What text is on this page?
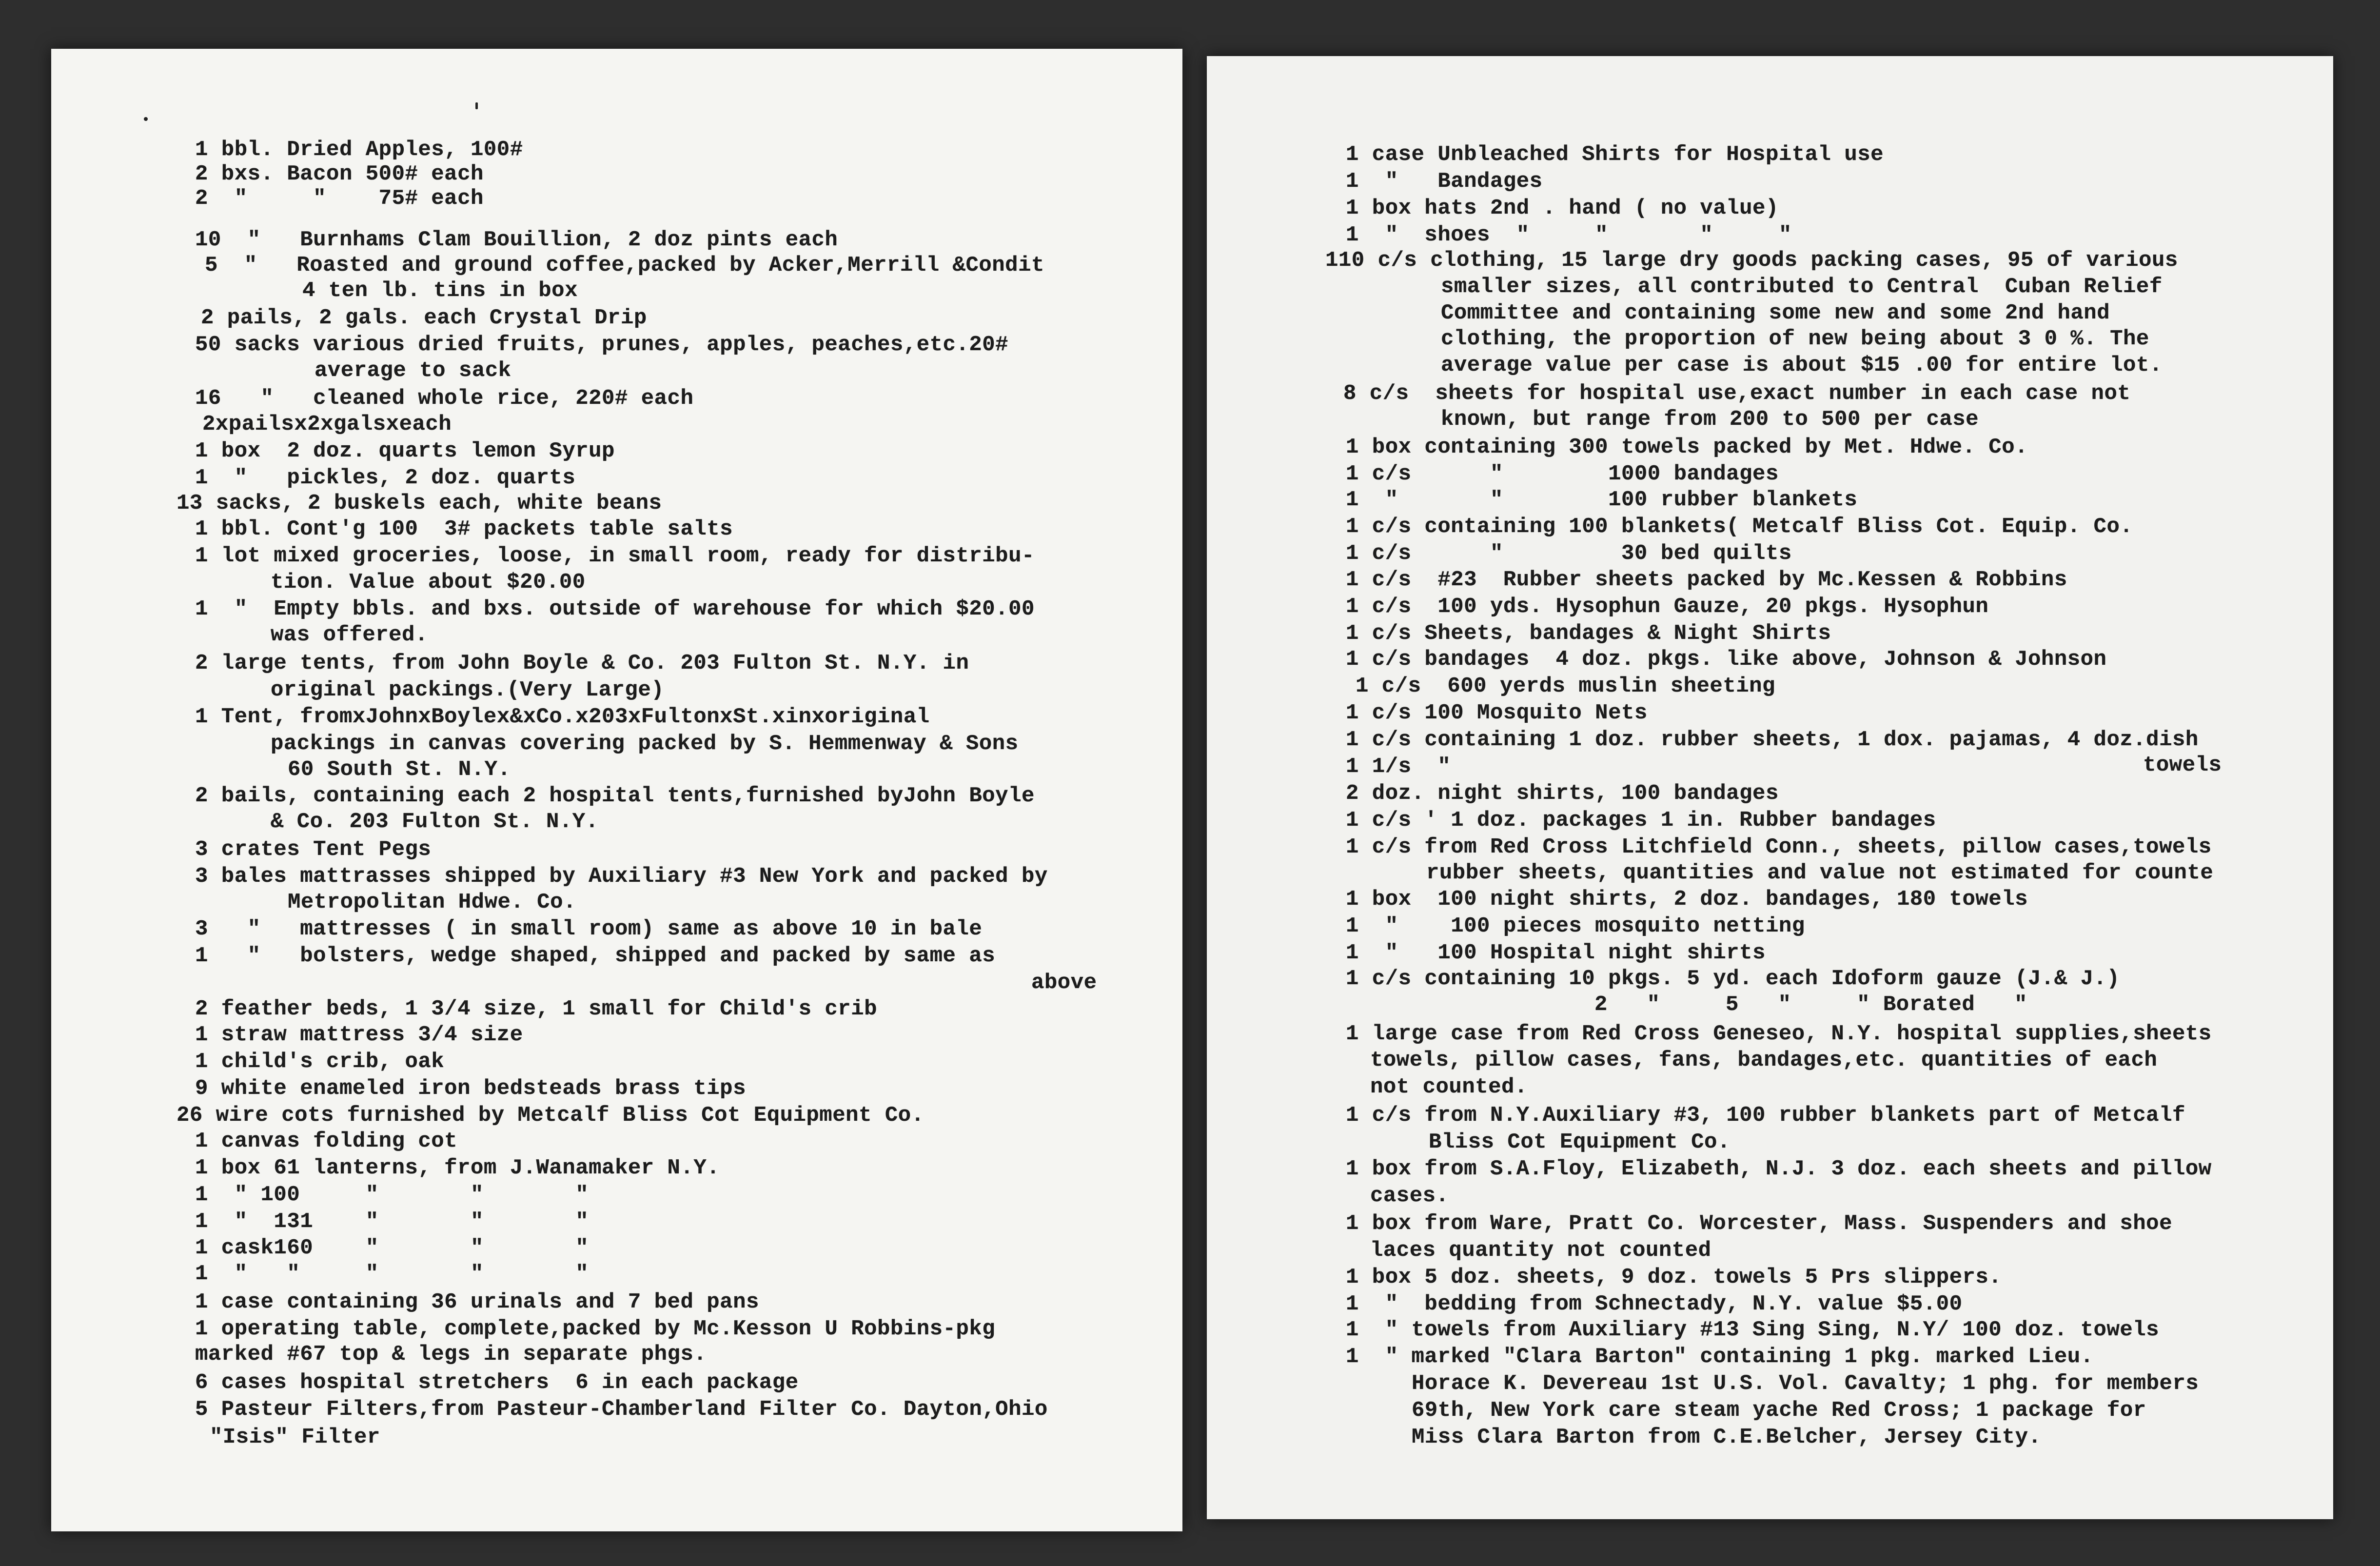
1 bbl. Dried Apples, 100#
2 bxs. Bacon 500# each
2  "     "    75# each
10  "   Burnhams Clam Bouillion, 2 doz pints each
5  "   Roasted and ground coffee,packed by Acker,Merrill &Condit
4 ten lb. tins in box
2 pails, 2 gals. each Crystal Drip
50 sacks various dried fruits, prunes, apples, peaches,etc.20#
average to sack
16   "   cleaned whole rice, 220# each
2xpailsx2xgalsxeach
1 box  2 doz. quarts lemon Syrup
1  "   pickles, 2 doz. quarts
13 sacks, 2 buskels each, white beans
1 bbl. Cont'g 100  3# packets table salts
1 lot mixed groceries, loose, in small room, ready for distribu-
tion. Value about $20.00
1  "  Empty bbls. and bxs. outside of warehouse for which $20.00
was offered.
2 large tents, from John Boyle & Co. 203 Fulton St. N.Y. in
original packings.(Very Large)
1 Tent, fromxJohnxBoylex&xCo.x203xFultonxSt.xinxoriginal
packings in canvas covering packed by S. Hemmenway & Sons
60 South St. N.Y.
2 bails, containing each 2 hospital tents,furnished byJohn Boyle
& Co. 203 Fulton St. N.Y.
3 crates Tent Pegs
3 bales mattrasses shipped by Auxiliary #3 New York and packed by
Metropolitan Hdwe. Co.
3   "   mattresses ( in small room) same as above 10 in bale
1   "   bolsters, wedge shaped, shipped and packed by same as
above
2 feather beds, 1 3/4 size, 1 small for Child's crib
1 straw mattress 3/4 size
1 child's crib, oak
9 white enameled iron bedsteads brass tips
26 wire cots furnished by Metcalf Bliss Cot Equipment Co.
1 canvas folding cot
1 box 61 lanterns, from J.Wanamaker N.Y.
1  " 100     "       "       "
1  "  131    "       "       "
1 cask160    "       "       "
1  "   "     "       "       "
1 case containing 36 urinals and 7 bed pans
1 operating table, complete,packed by Mc.Kesson U Robbins-pkg
marked #67 top & legs in separate phgs.
6 cases hospital stretchers  6 in each package
5 Pasteur Filters,from Pasteur-Chamberland Filter Co. Dayton,Ohio
"Isis" Filter
1 case Unbleached Shirts for Hospital use
1  "   Bandages
1 box hats 2nd . hand ( no value)
1  "  shoes  "     "       "     "
110 c/s clothing, 15 large dry goods packing cases, 95 of various
smaller sizes, all contributed to Central  Cuban Relief
Committee and containing some new and some 2nd hand
clothing, the proportion of new being about 3 0 %. The
average value per case is about $15 .00 for entire lot.
8 c/s  sheets for hospital use,exact number in each case not
known, but range from 200 to 500 per case
1 box containing 300 towels packed by Met. Hdwe. Co.
1 c/s      "        1000 bandages
1  "       "        100 rubber blankets
1 c/s containing 100 blankets( Metcalf Bliss Cot. Equip. Co.
1 c/s      "         30 bed quilts
1 c/s  #23  Rubber sheets packed by Mc.Kessen & Robbins
1 c/s  100 yds. Hysophun Gauze, 20 pkgs. Hysophun
1 c/s Sheets, bandages & Night Shirts
1 c/s bandages  4 doz. pkgs. like above, Johnson & Johnson
1 c/s  600 yerds muslin sheeting
1 c/s 100 Mosquito Nets
1 c/s containing 1 doz. rubber sheets, 1 dox. pajamas, 4 doz.dish
towels
1 1/s  "
2 doz. night shirts, 100 bandages
1 c/s ' 1 doz. packages 1 in. Rubber bandages
1 c/s from Red Cross Litchfield Conn., sheets, pillow cases,towels
rubber sheets, quantities and value not estimated for counte
1 box  100 night shirts, 2 doz. bandages, 180 towels
1  "    100 pieces mosquito netting
1  "   100 Hospital night shirts
1 c/s containing 10 pkgs. 5 yd. each Idoform gauze (J.& J.)
2   "     5   "     " Borated   "
1 large case from Red Cross Geneseo, N.Y. hospital supplies,sheets
towels, pillow cases, fans, bandages,etc. quantities of each
not counted.
1 c/s from N.Y.Auxiliary #3, 100 rubber blankets part of Metcalf
Bliss Cot Equipment Co.
1 box from S.A.Floy, Elizabeth, N.J. 3 doz. each sheets and pillow
cases.
1 box from Ware, Pratt Co. Worcester, Mass. Suspenders and shoe
laces quantity not counted
1 box 5 doz. sheets, 9 doz. towels 5 Prs slippers.
1  "  bedding from Schnectady, N.Y. value $5.00
1  " towels from Auxiliary #13 Sing Sing, N.Y/ 100 doz. towels
1  " marked "Clara Barton" containing 1 pkg. marked Lieu.
Horace K. Devereau 1st U.S. Vol. Cavalty; 1 phg. for members
69th, New York care steam yache Red Cross; 1 package for
Miss Clara Barton from C.E.Belcher, Jersey City.
